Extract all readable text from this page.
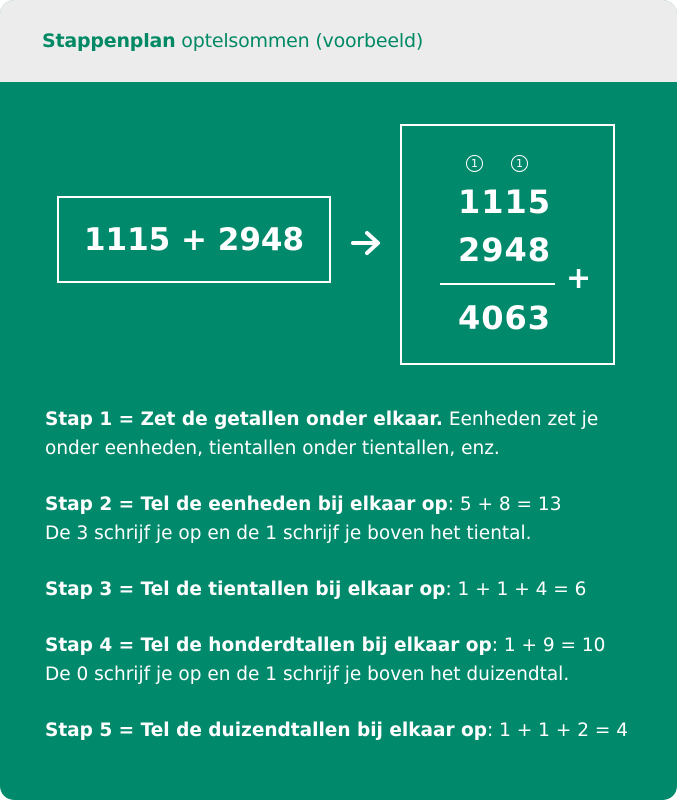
Stappenplan optelsommen (voorbeeld)
1115 + 2948
1	1
1115
2948
+
4063
Stap 1 = Zet de getallen onder elkaar. Eenheden zet je onder eenheden, tientallen onder tientallen, enz.
Stap 2 = Tel de eenheden bij elkaar op: 5 + 8 = 13
De 3 schrijf je op en de 1 schrijf je boven het tiental.
Stap 3 = Tel de tientallen bij elkaar op: 1 + 1 + 4 = 6
Stap 4 = Tel de honderdtallen bij elkaar op: 1 + 9 = 10
De 0 schrijf je op en de 1 schrijf je boven het duizendtal.
Stap 5 = Tel de duizendtallen bij elkaar op: 1 + 1 + 2 = 4
